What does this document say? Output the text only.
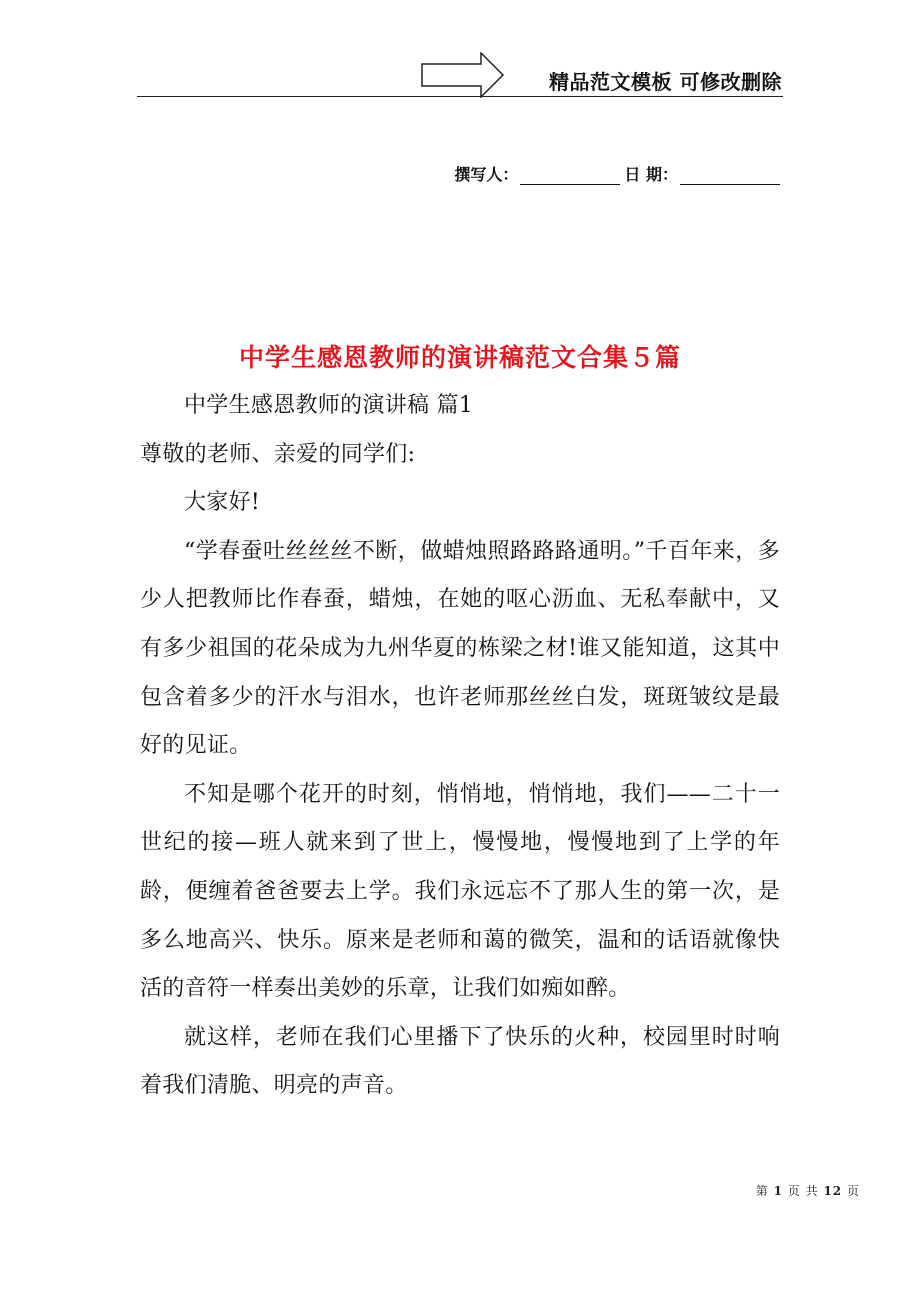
精品范文模板 可修改删除
撰写人：	日 期：
中学生感恩教师的演讲稿范文合集５篇

中学生感恩教师的演讲稿 篇1

尊敬的老师、亲爱的同学们:

大家好!

“学春蚕吐丝丝丝不断，做蜡烛照路路路通明。”千百年来，多少人把教师比作春蚕，蜡烛，在她的呕心沥血、无私奉献中，又有多少祖国的花朵成为九州华夏的栋梁之材!谁又能知道，这其中包含着多少的汗水与泪水，也许老师那丝丝白发，斑斑皱纹是最好的见证。

不知是哪个花开的时刻，悄悄地，悄悄地，我们——二十一世纪的接—班人就来到了世上，慢慢地，慢慢地到了上学的年龄，便缠着爸爸要去上学。我们永远忘不了那人生的第一次，是多么地高兴、快乐。原来是老师和蔼的微笑，温和的话语就像快活的音符一样奏出美妙的乐章，让我们如痴如醉。

就这样，老师在我们心里播下了快乐的火种，校园里时时响着我们清脆、明亮的声音。

第 1 页 共 12 页
